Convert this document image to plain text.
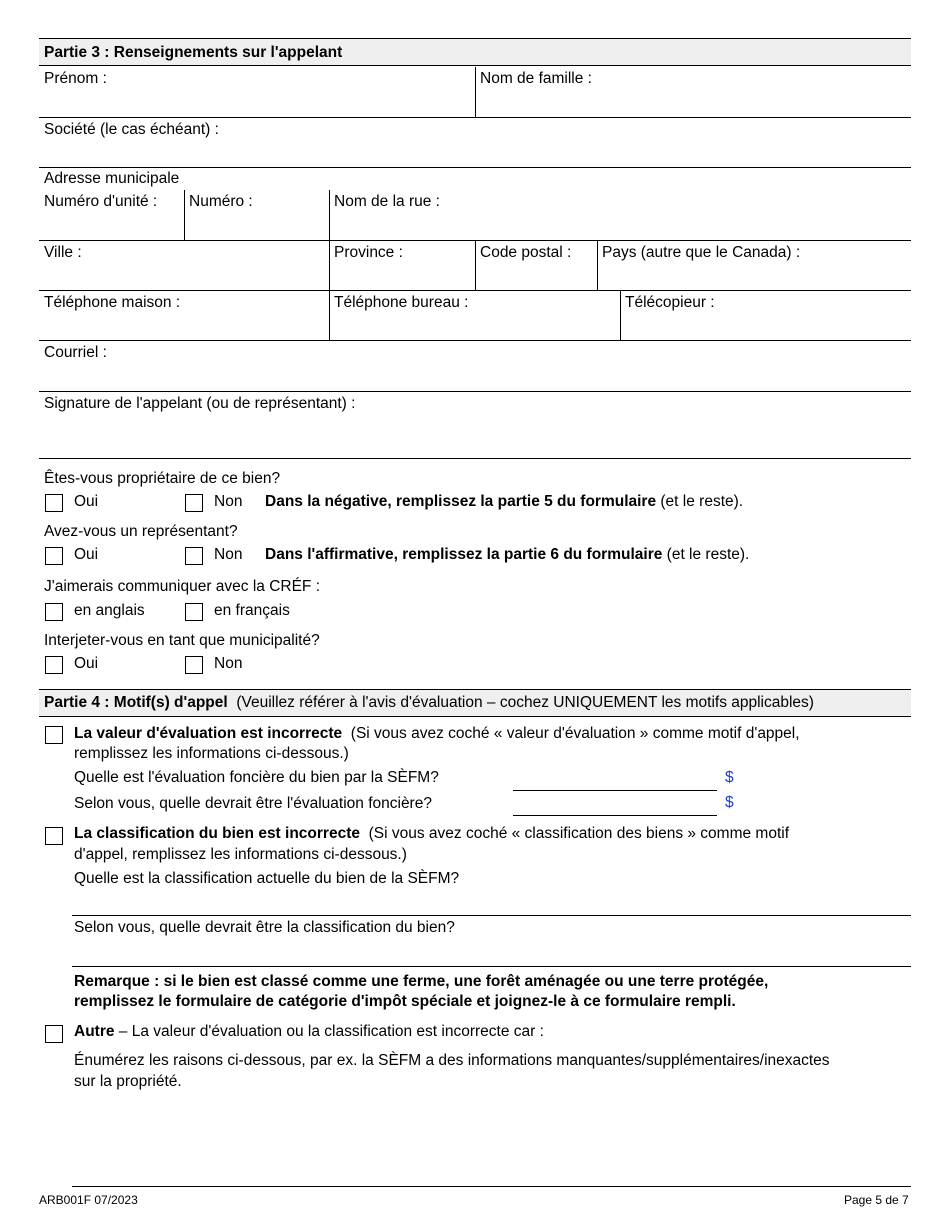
Partie 3 : Renseignements sur l'appelant
Prénom :	Nom de famille :
Société (le cas échéant) :
Adresse municipale
Numéro d'unité : Numéro :	Nom de la rue :
Ville :	Province :	Code postal : Pays (autre que le Canada) :
Téléphone maison :	Téléphone bureau :	Télécopieur :
Courriel :
Signature de l'appelant (ou de représentant) :
Êtes-vous propriétaire de ce bien?
Oui	Non Dans la négative, remplissez la partie 5 du formulaire (et le reste).
Avez-vous un représentant?
Oui	Non Dans l'affirmative, remplissez la partie 6 du formulaire (et le reste).
J'aimerais communiquer avec la CRÉF :
en anglais	en français
Interjeter-vous en tant que municipalité?
Oui	Non
Partie 4 : Motif(s) d'appel (Veuillez référer à l'avis d'évaluation – cochez UNIQUEMENT les motifs applicables)
La valeur d'évaluation est incorrecte (Si vous avez coché « valeur d'évaluation » comme motif d'appel,
remplissez les informations ci-dessous.)
Quelle est l'évaluation foncière du bien par la SÈFM?	$
Selon vous, quelle devrait être l'évaluation foncière?	$
La classification du bien est incorrecte (Si vous avez coché « classification des biens » comme motif
d'appel, remplissez les informations ci-dessous.)
Quelle est la classification actuelle du bien de la SÈFM?
Selon vous, quelle devrait être la classification du bien?
Remarque : si le bien est classé comme une ferme, une forêt aménagée ou une terre protégée,
remplissez le formulaire de catégorie d'impôt spéciale et joignez-le à ce formulaire rempli.
Autre – La valeur d'évaluation ou la classification est incorrecte car :
Énumérez les raisons ci-dessous, par ex. la SÈFM a des informations manquantes/supplémentaires/inexactes
sur la propriété.
ARB001F 07/2023	Page 5 de 7
